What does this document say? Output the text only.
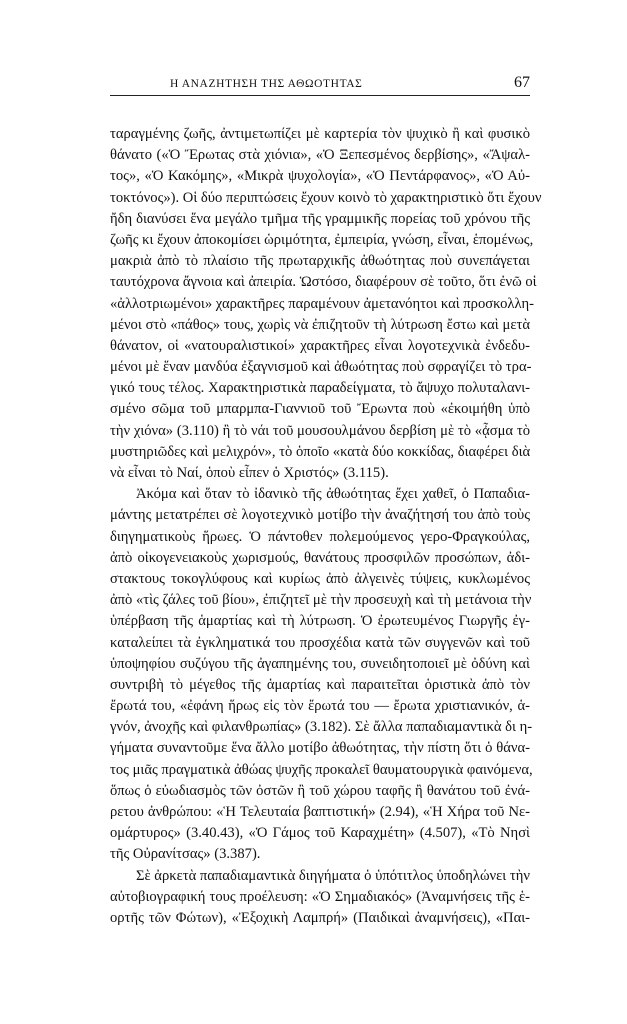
Η ΑΝΑΖΗΤΗΣΗ ΤΗΣ ΑΘΩΟΤΗΤΑΣ	67
ταραγμένης ζωῆς, ἀντιμετωπίζει μὲ καρτερία τὸν ψυχικὸ ἢ καὶ φυσικὸ
θάνατο («Ὁ Ἔρωτας στὰ χιόνια», «Ὁ Ξεπεσμένος δερβίσης», «Ἄψαλ-
τος», «Ὁ Κακόμης», «Μικρὰ ψυχολογία», «Ὁ Πεντάρφανος», «Ὁ Αὐ-
τοκτόνος»). Οἱ δύο περιπτώσεις ἔχουν κοινὸ τὸ χαρακτηριστικὸ ὅτι ἔχουν
ἤδη διανύσει ἕνα μεγάλο τμῆμα τῆς γραμμικῆς πορείας τοῦ χρόνου τῆς
ζωῆς κι ἔχουν ἀποκομίσει ὡριμότητα, ἐμπειρία, γνώση, εἶναι, ἑπομένως,
μακριὰ ἀπὸ τὸ πλαίσιο τῆς πρωταρχικῆς ἀθωότητας ποὺ συνεπάγεται
ταυτόχρονα ἄγνοια καὶ ἀπειρία. Ὡστόσο, διαφέρουν σὲ τοῦτο, ὅτι ἐνῶ οἱ
«ἀλλοτριωμένοι» χαρακτῆρες παραμένουν ἀμετανόητοι καὶ προσκολλη-
μένοι στὸ «πάθος» τους, χωρὶς νὰ ἐπιζητοῦν τὴ λύτρωση ἔστω καὶ μετὰ
θάνατον, οἱ «νατουραλιστικοί» χαρακτῆρες εἶναι λογοτεχνικὰ ἐνδεδυ-
μένοι μὲ ἕναν μανδύα ἐξαγνισμοῦ καὶ ἀθωότητας ποὺ σφραγίζει τὸ τρα-
γικό τους τέλος. Χαρακτηριστικὰ παραδείγματα, τὸ ἄψυχο πολυταλανι-
σμένο σῶμα τοῦ μπαρμπα-Γιαννιοῦ τοῦ Ἔρωντα ποὺ «ἐκοιμήθη ὑπὸ
τὴν χιόνα» (3.110) ἢ τὸ νάι τοῦ μουσουλμάνου δερβίση μὲ τὸ «ᾆσμα τὸ
μυστηριῶδες καὶ μελιχρόν», τὸ ὁποῖο «κατὰ δύο κοκκίδας, διαφέρει διὰ
νὰ εἶναι τὸ Ναί, ὁποὺ εἶπεν ὁ Χριστός» (3.115).
Ἀκόμα καὶ ὅταν τὸ ἰδανικὸ τῆς ἀθωότητας ἔχει χαθεῖ, ὁ Παπαδια-
μάντης μετατρέπει σὲ λογοτεχνικὸ μοτίβο τὴν ἀναζήτησή του ἀπὸ τοὺς
διηγηματικοὺς ἥρωες. Ὁ πάντοθεν πολεμούμενος γερο-Φραγκούλας,
ἀπὸ οἰκογενειακοὺς χωρισμούς, θανάτους προσφιλῶν προσώπων, ἀδι-
στακτους τοκογλύφους καὶ κυρίως ἀπὸ ἀλγεινὲς τύψεις, κυκλωμένος
ἀπὸ «τὶς ζάλες τοῦ βίου», ἐπιζητεῖ μὲ τὴν προσευχὴ καὶ τὴ μετάνοια τὴν
ὑπέρβαση τῆς ἁμαρτίας καὶ τὴ λύτρωση. Ὁ ἐρωτευμένος Γιωργῆς ἐγ-
καταλείπει τὰ ἐγκληματικά του προσχέδια κατὰ τῶν συγγενῶν καὶ τοῦ
ὑποψηφίου συζύγου τῆς ἀγαπημένης του, συνειδητοποιεῖ μὲ ὀδύνη καὶ
συντριβὴ τὸ μέγεθος τῆς ἁμαρτίας καὶ παραιτεῖται ὁριστικὰ ἀπὸ τὸν
ἔρωτά του, «ἐφάνη ἥρως εἰς τὸν ἔρωτά του — ἔρωτα χριστιανικόν, ἁ-
γνόν, ἀνοχῆς καὶ φιλανθρωπίας» (3.182). Σὲ ἄλλα παπαδιαμαντικὰ δι η-
γήματα συναντοῦμε ἕνα ἄλλο μοτίβο ἀθωότητας, τὴν πίστη ὅτι ὁ θάνα-
τος μιᾶς πραγματικὰ ἀθώας ψυχῆς προκαλεῖ θαυματουργικὰ φαινόμενα,
ὅπως ὁ εὐωδιασμὸς τῶν ὀστῶν ἢ τοῦ χώρου ταφῆς ἢ θανάτου τοῦ ἐνά-
ρετου ἀνθρώπου: «Ἡ Τελευταία βαπτιστική» (2.94), «Ἡ Χήρα τοῦ Νε-
ομάρτυρος» (3.40.43), «Ὁ Γάμος τοῦ Καραχμέτη» (4.507), «Τὸ Νησὶ
τῆς Οὐρανίτσας» (3.387).
Σὲ ἀρκετὰ παπαδιαμαντικὰ διηγήματα ὁ ὑπότιτλος ὑποδηλώνει τὴν
αὐτοβιογραφική τους προέλευση: «Ὁ Σημαδιακός» (Ἀναμνήσεις τῆς ἑ-
ορτῆς τῶν Φώτων), «Ἐξοχικὴ Λαμπρή» (Παιδικαὶ ἀναμνήσεις), «Παι-
